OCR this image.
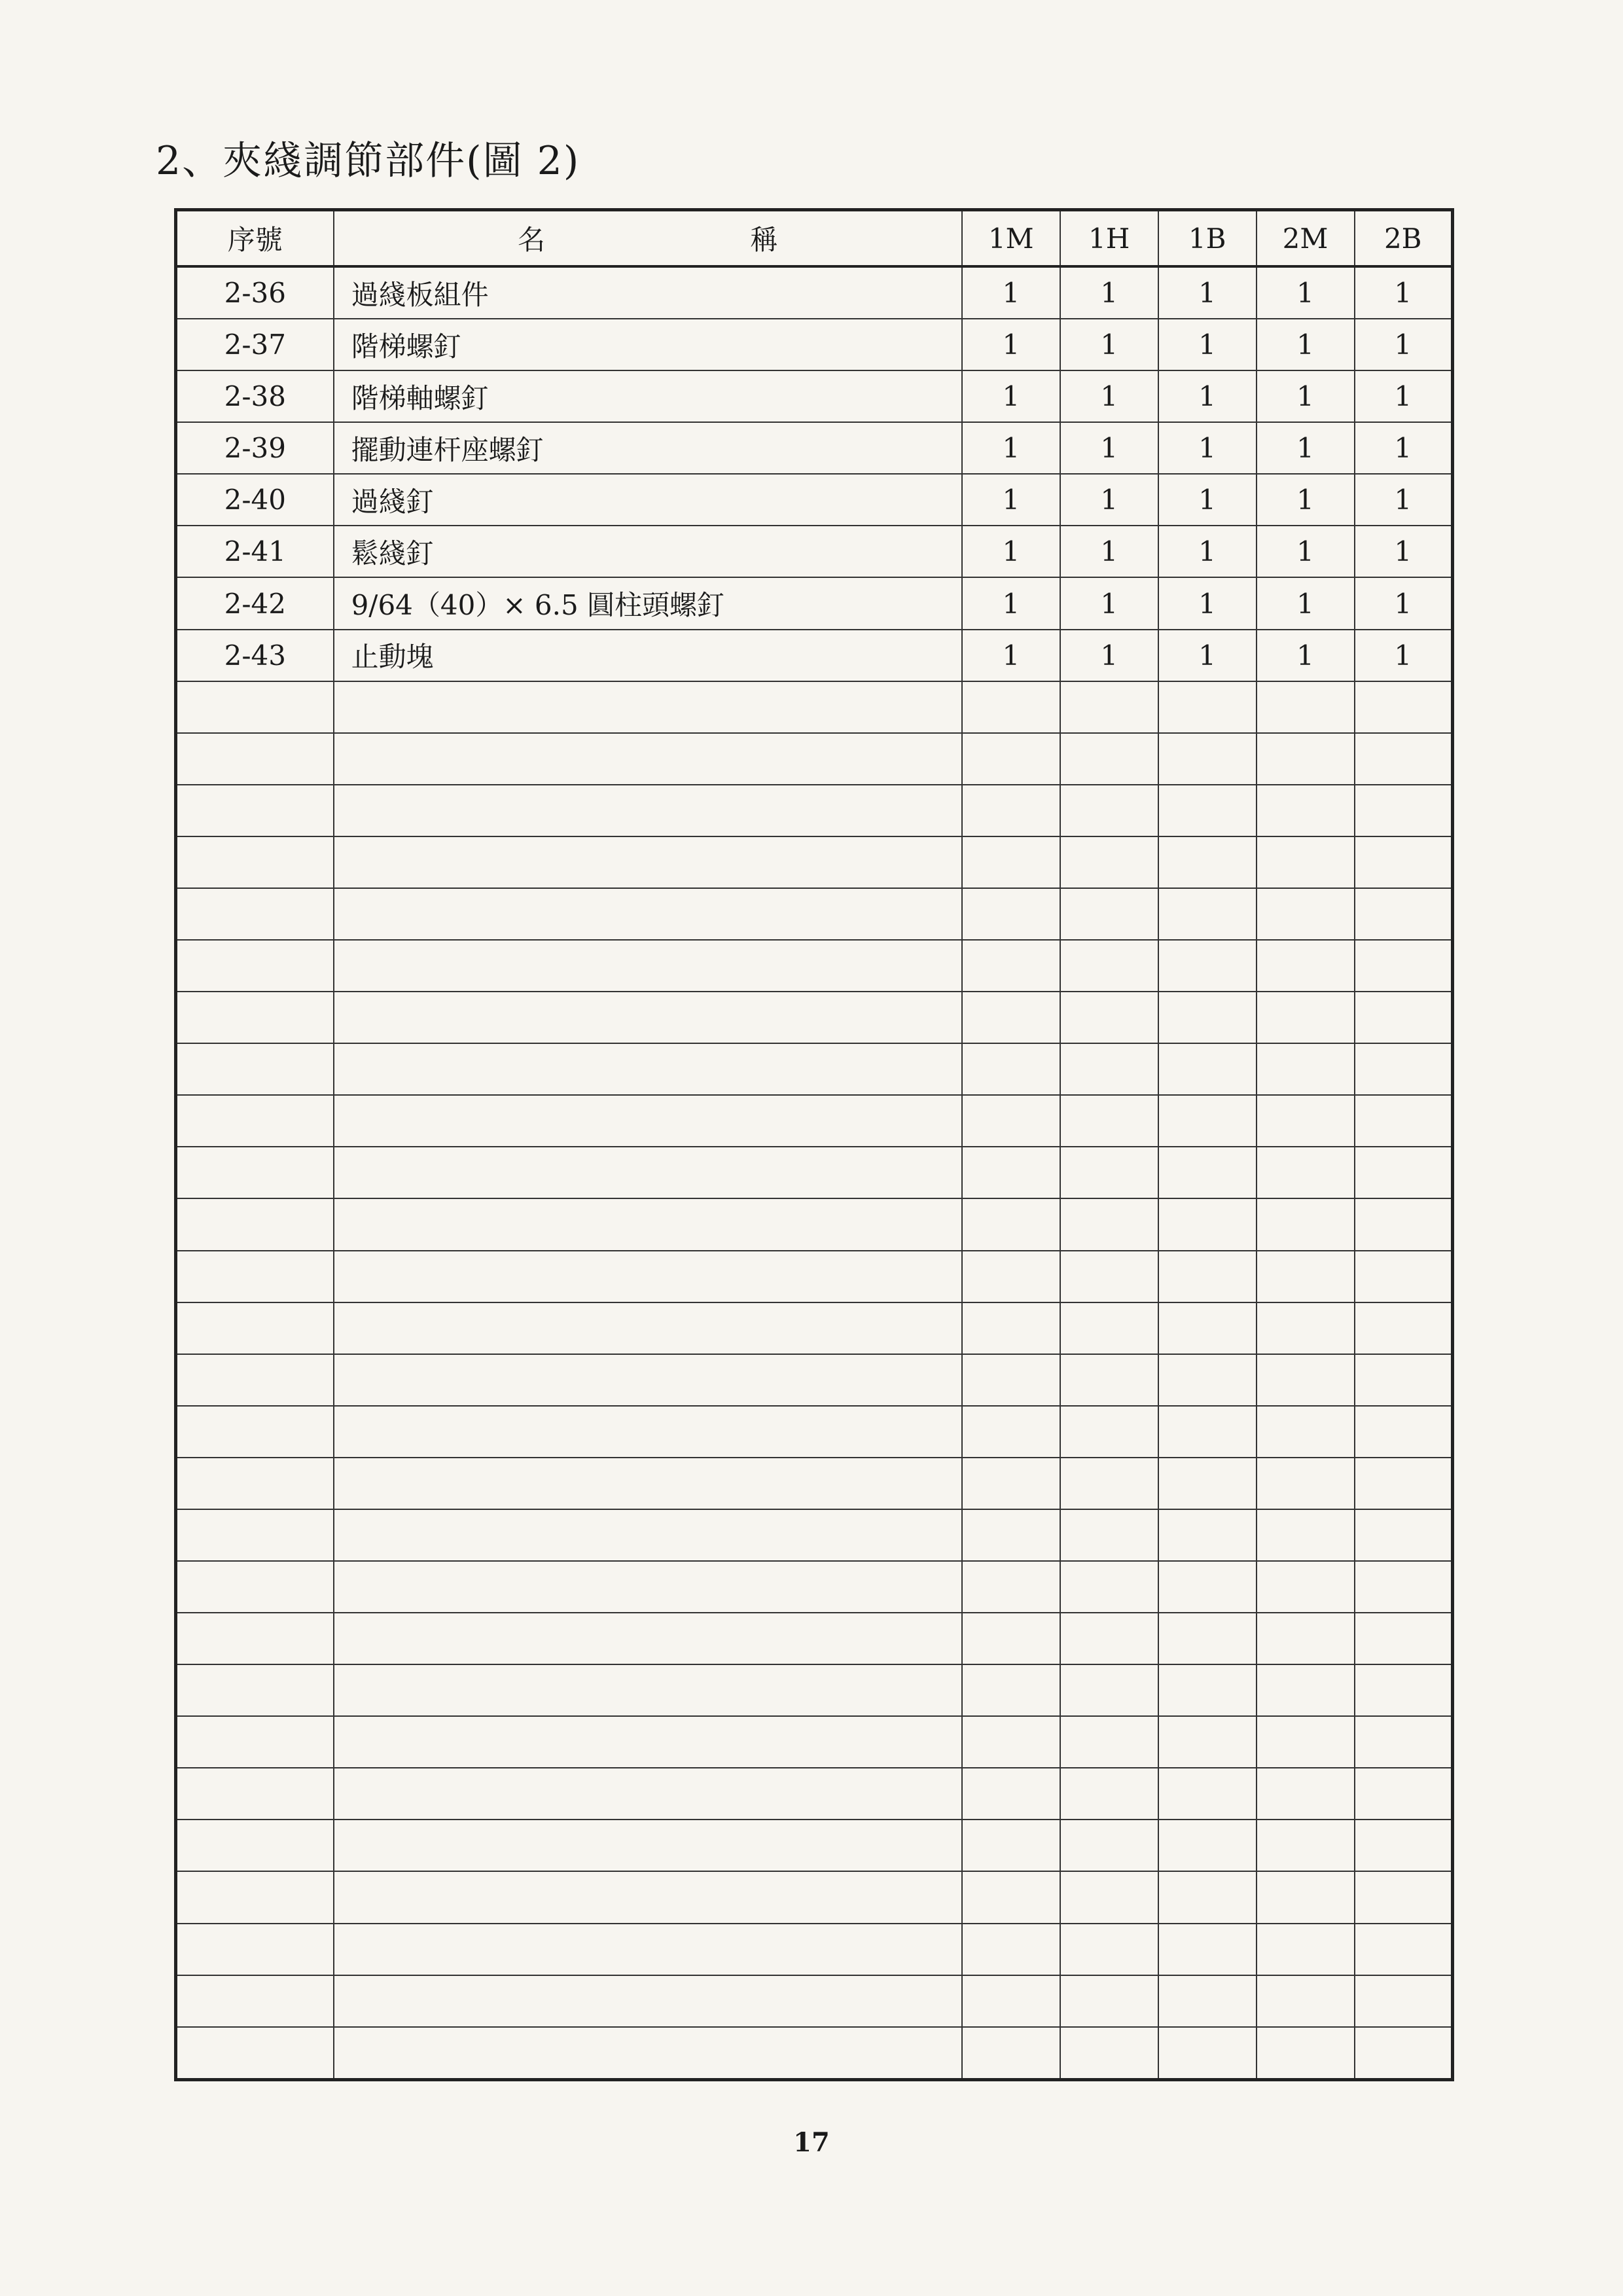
2、夾綫調節部件(圖 2)
序號	名 稱	1M	1H	1B	2M	2B
2-36	過綫板組件	1	1	1	1	1
2-37	階梯螺釘	1	1	1	1	1
2-38	階梯軸螺釘	1	1	1	1	1
2-39	擺動連杆座螺釘	1	1	1	1	1
2-40	過綫釘	1	1	1	1	1
2-41	鬆綫釘	1	1	1	1	1
2-42	9/64（40）× 6.5 圓柱頭螺釘	1	1	1	1	1
2-43	止動塊	1	1	1	1	1

17
